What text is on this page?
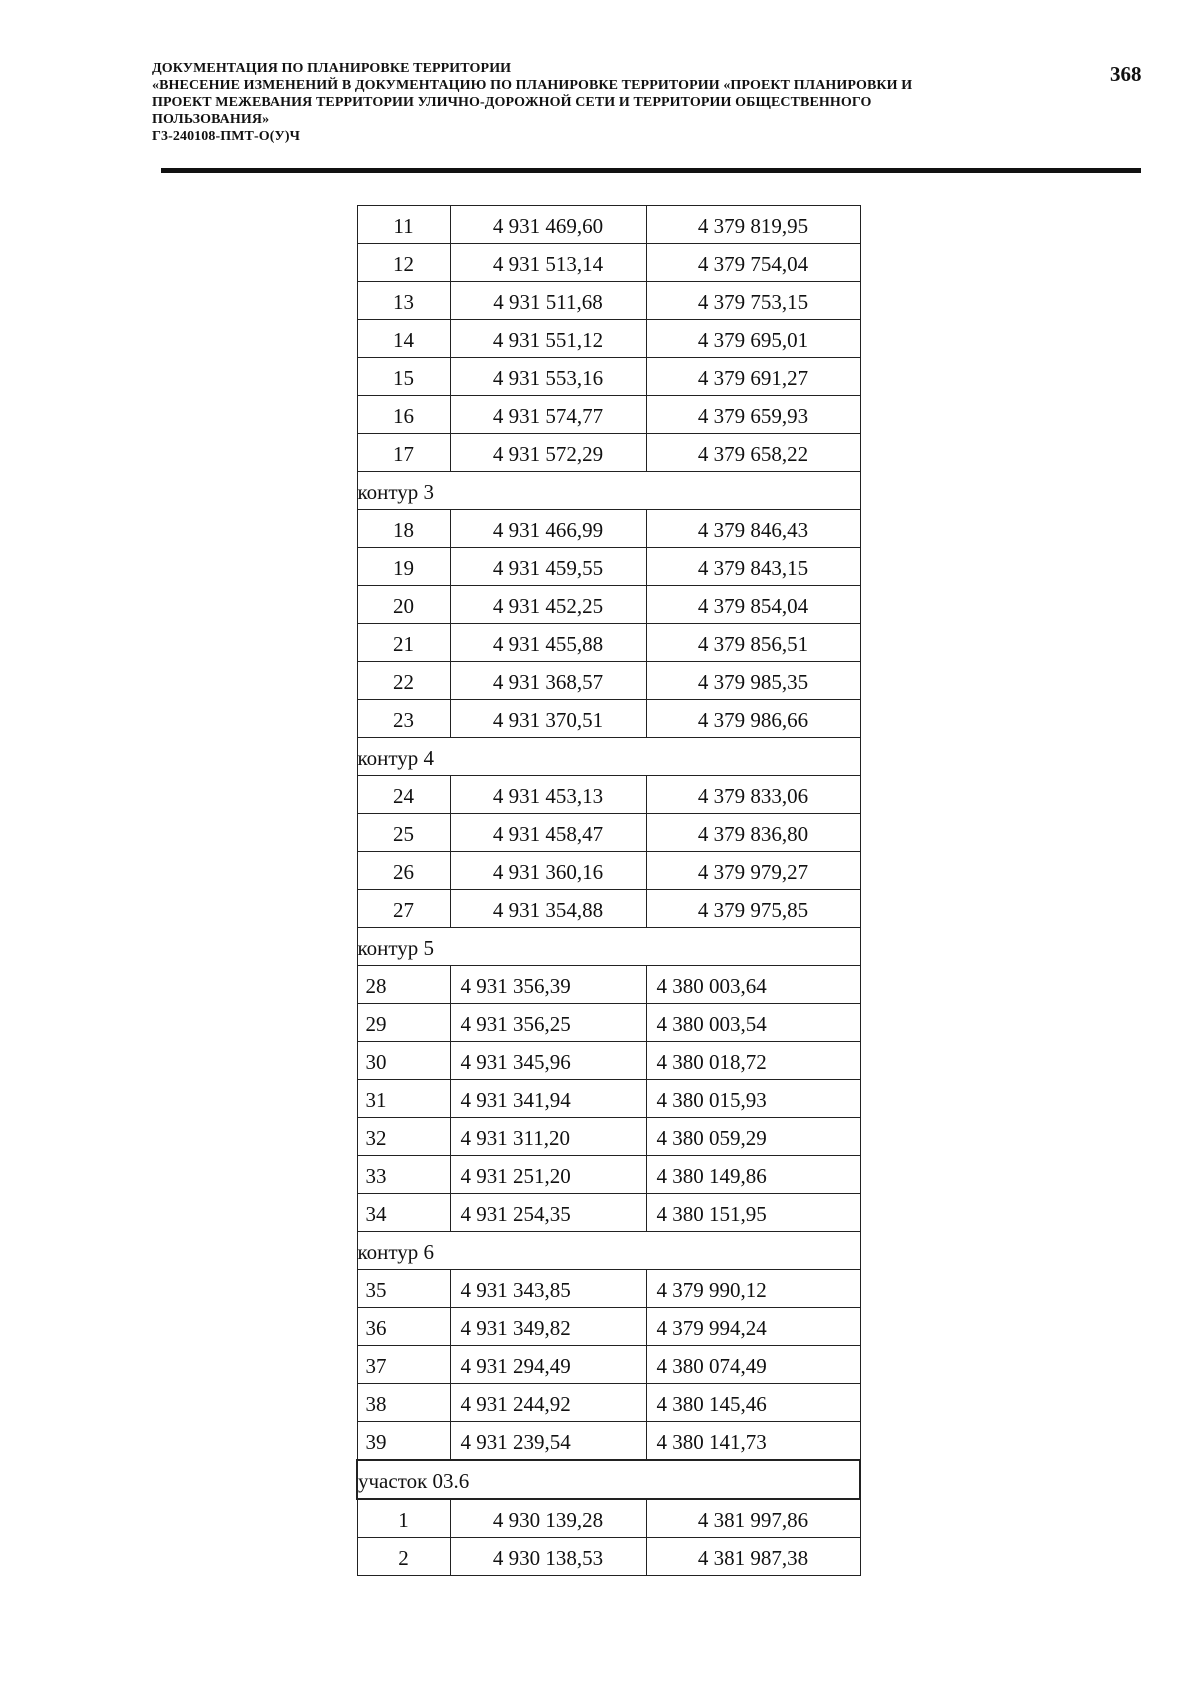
ДОКУМЕНТАЦИЯ ПО ПЛАНИРОВКЕ ТЕРРИТОРИИ
«ВНЕСЕНИЕ ИЗМЕНЕНИЙ В ДОКУМЕНТАЦИЮ ПО ПЛАНИРОВКЕ ТЕРРИТОРИИ «ПРОЕКТ ПЛАНИРОВКИ И
ПРОЕКТ МЕЖЕВАНИЯ ТЕРРИТОРИИ УЛИЧНО-ДОРОЖНОЙ СЕТИ И ТЕРРИТОРИИ ОБЩЕСТВЕННОГО
ПОЛЬЗОВАНИЯ»
Г3-240108-ПМТ-О(У)Ч
368
11	4 931 469,60	4 379 819,95
12	4 931 513,14	4 379 754,04
13	4 931 511,68	4 379 753,15
14	4 931 551,12	4 379 695,01
15	4 931 553,16	4 379 691,27
16	4 931 574,77	4 379 659,93
17	4 931 572,29	4 379 658,22
контур 3		
18	4 931 466,99	4 379 846,43
19	4 931 459,55	4 379 843,15
20	4 931 452,25	4 379 854,04
21	4 931 455,88	4 379 856,51
22	4 931 368,57	4 379 985,35
23	4 931 370,51	4 379 986,66
контур 4		
24	4 931 453,13	4 379 833,06
25	4 931 458,47	4 379 836,80
26	4 931 360,16	4 379 979,27
27	4 931 354,88	4 379 975,85
контур 5		
28	4 931 356,39	4 380 003,64
29	4 931 356,25	4 380 003,54
30	4 931 345,96	4 380 018,72
31	4 931 341,94	4 380 015,93
32	4 931 311,20	4 380 059,29
33	4 931 251,20	4 380 149,86
34	4 931 254,35	4 380 151,95
контур 6		
35	4 931 343,85	4 379 990,12
36	4 931 349,82	4 379 994,24
37	4 931 294,49	4 380 074,49
38	4 931 244,92	4 380 145,46
39	4 931 239,54	4 380 141,73
участок 03.6		
1	4 930 139,28	4 381 997,86
2	4 930 138,53	4 381 987,38
